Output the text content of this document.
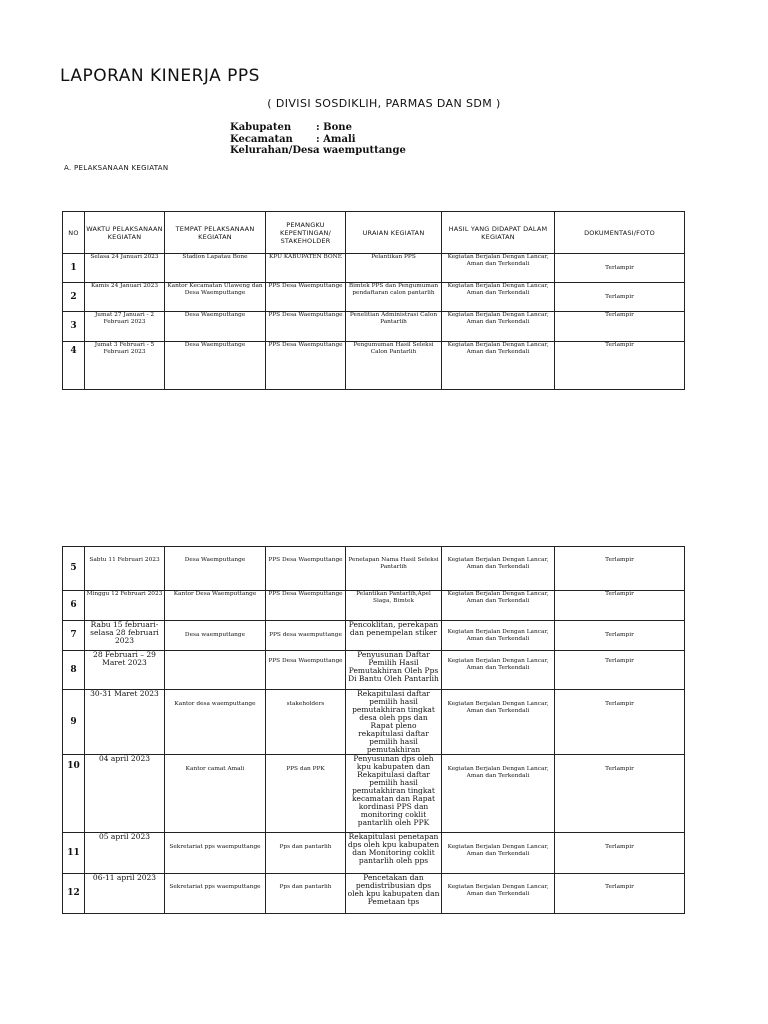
LAPORAN KINERJA PPS
( DIVISI SOSDIKLIH, PARMAS DAN SDM )
Kabupaten	: Bone
Kecamatan	: Amali
Kelurahan/Desa
: waemputtange
A. PELAKSANAAN KEGIATAN
NO	WAKTU PELAKSANAAN KEGIATAN	TEMPAT PELAKSANAAN KEGIATAN	PEMANGKU KEPENTINGAN/ STAKEHOLDER	URAIAN KEGIATAN	HASIL YANG DIDAPAT DALAM KEGIATAN	DOKUMENTASI/FOTO
1	Selasa 24 Januari 2023	Stadion Lapatau Bone	KPU KABUPATEN BONE	Pelantikan PPS	Kegiatan Berjalan Dengan Lancar, Aman dan Terkendali	Terlampir
2	Kamis 24 Januari 2023	Kantor Kecamatan Ulaweng dan Desa Waemputtange	PPS Desa Waemputtange	Bimtek PPS dan Pengumuman pendaftaran calon pantarlih	Kegiatan Berjalan Dengan Lancar, Aman dan Terkendali	Terlampir
3	Jumat 27 Januari - 2 Februari 2023	Desa Waemputtange	PPS Desa Waemputtange	Penelitian Administrasi Calon Pantarlih	Kegiatan Berjalan Dengan Lancar, Aman dan Terkendali	Terlampir
4	Jumat 3 Februari - 5 Februari 2023	Desa Waemputtange	PPS Desa Waemputtange	Pengumuman Hasil Seleksi Calon Pantarlih	Kegiatan Berjalan Dengan Lancar, Aman dan Terkendali	Terlampir
5	Sabtu 11 Februari 2023	Desa Waemputtange	PPS Desa Waemputtange	Penetapan Nama Hasil Seleksi Pantarlih	Kegiatan Berjalan Dengan Lancar, Aman dan Terkendali	Terlampir
6	Minggu 12 Februari 2023	Kantor Desa Waemputtange	PPS Desa Waemputtange	Pelantikan Pantarlih,Apel Siaga, Bimtek	Kegiatan Berjalan Dengan Lancar, Aman dan Terkendali	Terlampir
7	Rabu 15 februari-selasa 28 februari 2023	Desa waemputtange	PPS desa waemputtange	Pencoklitan, perekapan dan penempelan stiker	Kegiatan Berjalan Dengan Lancar, Aman dan Terkendali	Terlampir
8	28 Februari – 29 Maret 2023		PPS Desa Waemputtange	Penyusunan Daftar Pemilih Hasil Pemutakhiran Oleh Pps Di Bantu Oleh Pantarlih	Kegiatan Berjalan Dengan Lancar, Aman dan Terkendali	Terlampir
9	30-31 Maret 2023	Kantor desa waemputtange	stakeholders	Rekapitulasi daftar pemilih hasil pemutakhiran tingkat desa oleh pps dan Rapat pleno rekapitulasi daftar pemilih hasil pemutakhiran	Kegiatan Berjalan Dengan Lancar, Aman dan Terkendali	Terlampir
10	04 april 2023	Kantor camat Amali	PPS dan PPK	Penyusunan dps oleh kpu kabupaten dan Rekapitulasi daftar pemilih hasil pemutakhiran tingkat kecamatan dan Rapat kordinasi PPS dan monitoring coklit pantarlih oleh PPK	Kegiatan Berjalan Dengan Lancar, Aman dan Terkendali	Terlampir
11	05 april 2023	Sekretariat pps waemputtange	Pps dan pantarlih	Rekapitulasi penetapan dps oleh kpu kabupaten dan Monitoring coklit pantarlih oleh pps	Kegiatan Berjalan Dengan Lancar, Aman dan Terkendali	Terlampir
12	06-11 april 2023	Sekretariat pps waemputtange	Pps dan pantarlih	Pencetakan dan pendistribusian dps oleh kpu kabupaten dan Pemetaan tps	Kegiatan Berjalan Dengan Lancar, Aman dan Terkendali	Terlampir
